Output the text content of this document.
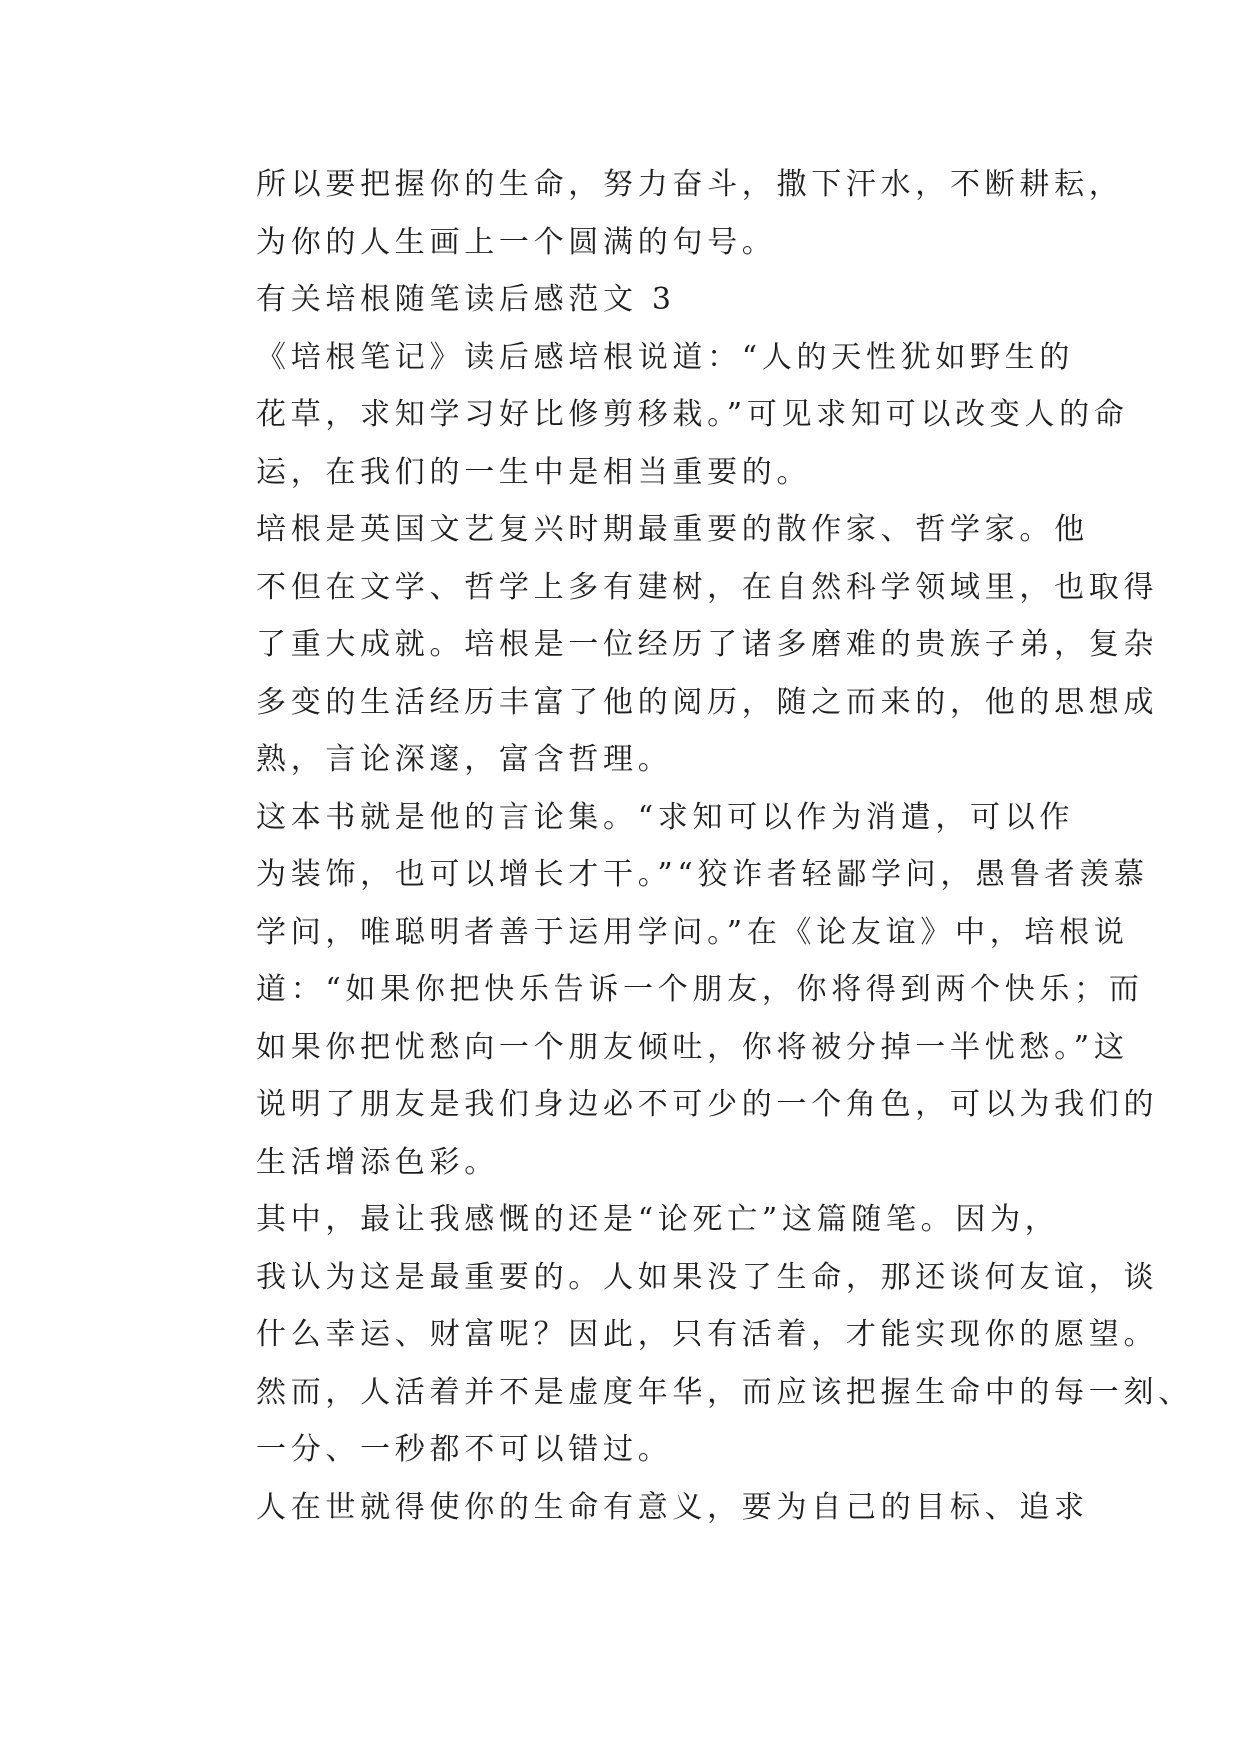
所以要把握你的生命，努力奋斗，撒下汗水，不断耕耘，
为你的人生画上一个圆满的句号。

有关培根随笔读后感范文 3

《培根笔记》读后感培根说道：“人的天性犹如野生的
花草，求知学习好比修剪移栽。”可见求知可以改变人的命
运，在我们的一生中是相当重要的。

培根是英国文艺复兴时期最重要的散作家、哲学家。他
不但在文学、哲学上多有建树，在自然科学领域里，也取得
了重大成就。培根是一位经历了诸多磨难的贵族子弟，复杂
多变的生活经历丰富了他的阅历，随之而来的，他的思想成
熟，言论深邃，富含哲理。

这本书就是他的言论集。“求知可以作为消遣，可以作
为装饰，也可以增长才干。”“狡诈者轻鄙学问，愚鲁者羡慕
学问，唯聪明者善于运用学问。”在《论友谊》中，培根说
道：“如果你把快乐告诉一个朋友，你将得到两个快乐；而
如果你把忧愁向一个朋友倾吐，你将被分掉一半忧愁。”这
说明了朋友是我们身边必不可少的一个角色，可以为我们的
生活增添色彩。

其中，最让我感慨的还是“论死亡”这篇随笔。因为，
我认为这是最重要的。人如果没了生命，那还谈何友谊，谈
什么幸运、财富呢？因此，只有活着，才能实现你的愿望。
然而，人活着并不是虚度年华，而应该把握生命中的每一刻、
一分、一秒都不可以错过。

人在世就得使你的生命有意义，要为自己的目标、追求
